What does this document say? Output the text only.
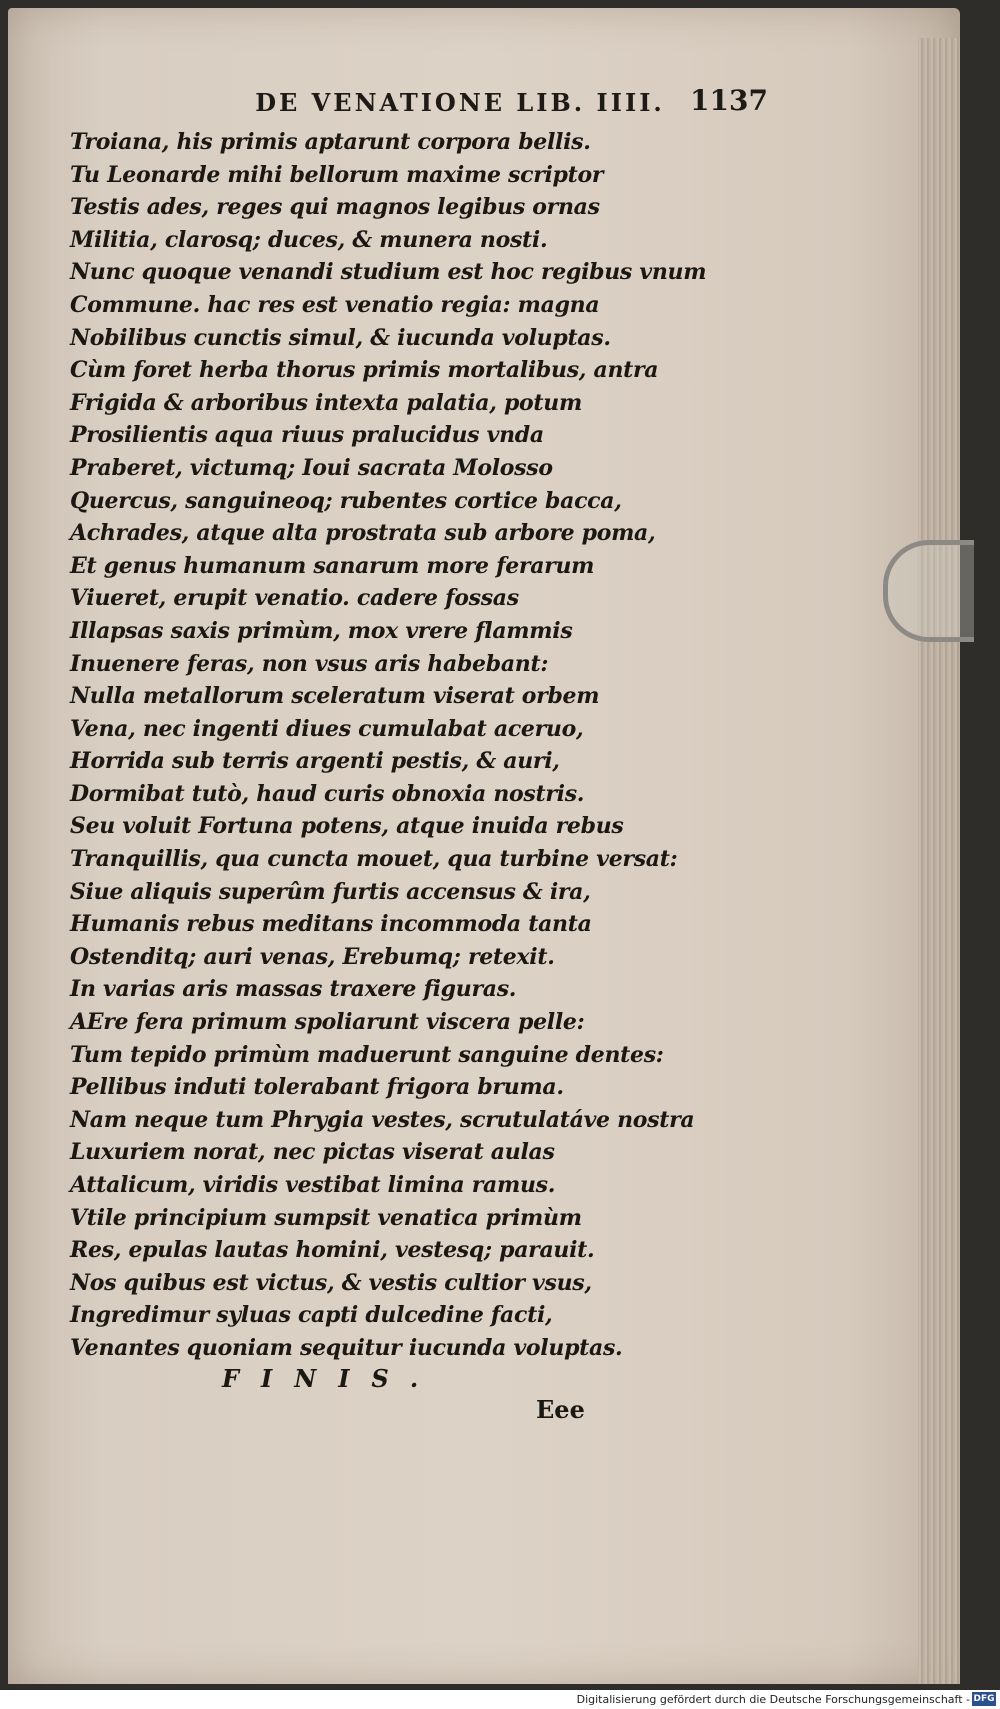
DE VENATIONE LIB. IIII. 1137
Troiana, his primis aptarunt corpora bellis.
Tu Leonarde mihi bellorum maxime scriptor
Testis ades, reges qui magnos legibus ornas
Militia, clarosq; duces, & munera nosti.
Nunc quoque venandi studium est hoc regibus vnum
Commune. hac res est venatio regia: magna
Nobilibus cunctis simul, & iucunda voluptas.
Cùm foret herba thorus primis mortalibus, antra
Frigida & arboribus intexta palatia, potum
Prosilientis aqua riuus pralucidus vnda
Praberet, victumq; Ioui sacrata Molosso
Quercus, sanguineoq; rubentes cortice bacca,
Achrades, atque alta prostrata sub arbore poma,
Et genus humanum sanarum more ferarum
Viueret, erupit venatio. cadere fossas
Illapsas saxis primùm, mox vrere flammis
Inuenere feras, non vsus aris habebant:
Nulla metallorum sceleratum viserat orbem
Vena, nec ingenti diues cumulabat aceruo,
Horrida sub terris argenti pestis, & auri,
Dormibat tutò, haud curis obnoxia nostris.
Seu voluit Fortuna potens, atque inuida rebus
Tranquillis, qua cuncta mouet, qua turbine versat:
Siue aliquis superûm furtis accensus & ira,
Humanis rebus meditans incommoda tanta
Ostenditq; auri venas, Erebumq; retexit.
In varias aris massas traxere figuras.
AEre fera primum spoliarunt viscera pelle:
Tum tepido primùm maduerunt sanguine dentes:
Pellibus induti tolerabant frigora bruma.
Nam neque tum Phrygia vestes, scrutulatáve nostra
Luxuriem norat, nec pictas viserat aulas
Attalicum, viridis vestibat limina ramus.
Vtile principium sumpsit venatica primùm
Res, epulas lautas homini, vestesq; parauit.
Nos quibus est victus, & vestis cultior vsus,
Ingredimur syluas capti dulcedine facti,
Venantes quoniam sequitur iucunda voluptas.
FINIS.
Eee
Digitalisierung gefördert durch die Deutsche Forschungsgemeinschaft - DFG
